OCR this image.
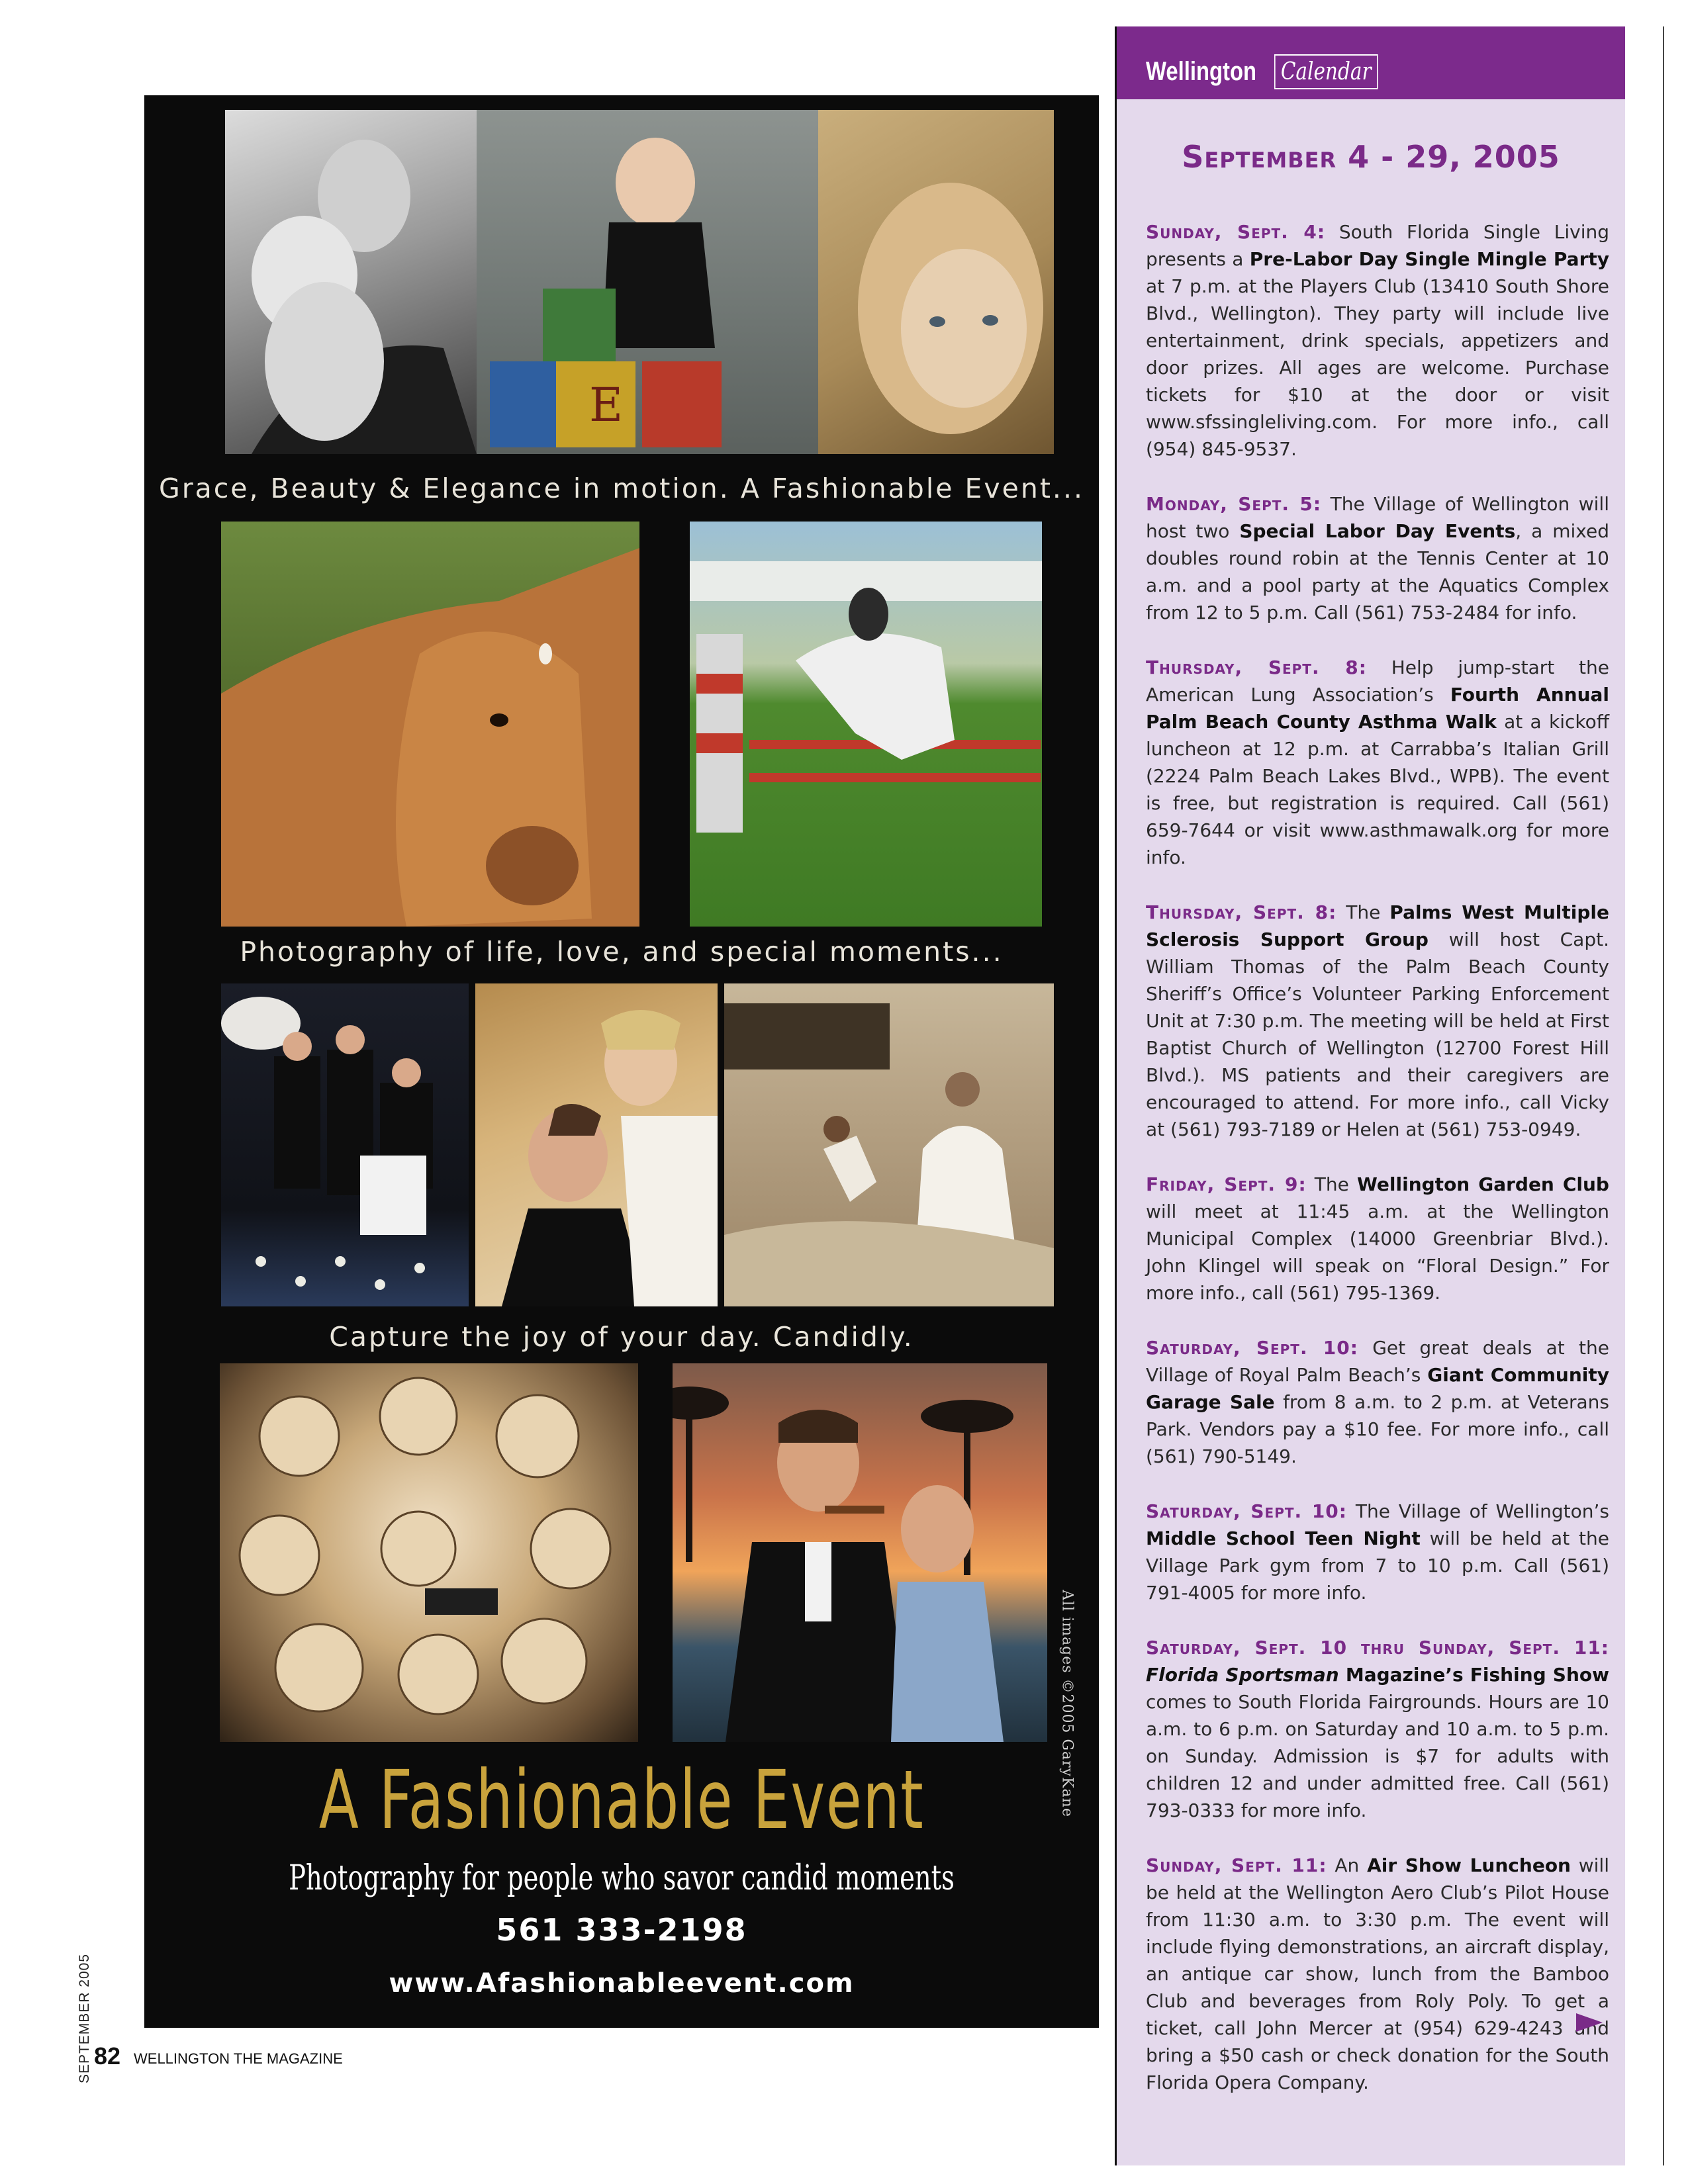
E
Grace, Beauty & Elegance in motion. A Fashionable Event...
Photography of life, love, and special moments...
Capture the joy of your day. Candidly.
All images ©2005 GaryKane
A Fashionable Event
Photography for people who savor candid moments
561 333-2198
www.Afashionableevent.com
SEPTEMBER 2005 82 WELLINGTON THE MAGAZINE
Wellington Calendar
September 4 - 29, 2005

Sunday, Sept. 4: South Florida Single Living presents a Pre-Labor Day Single Mingle Party at 7 p.m. at the Players Club (13410 South Shore Blvd., Wellington). They party will include live entertainment, drink specials, appetizers and door prizes. All ages are welcome. Purchase tickets for $10 at the door or visit www.sfssingleliving.com. For more info., call (954) 845-9537.

Monday, Sept. 5: The Village of Wellington will host two Special Labor Day Events, a mixed doubles round robin at the Tennis Center at 10 a.m. and a pool party at the Aquatics Complex from 12 to 5 p.m. Call (561) 753-2484 for info.

Thursday, Sept. 8: Help jump-start the American Lung Association’s Fourth Annual Palm Beach County Asthma Walk at a kickoff luncheon at 12 p.m. at Carrabba’s Italian Grill (2224 Palm Beach Lakes Blvd., WPB). The event is free, but registration is required. Call (561) 659-7644 or visit www.asthmawalk.org for more info.

Thursday, Sept. 8: The Palms West Multiple Sclerosis Support Group will host Capt. William Thomas of the Palm Beach County Sheriff’s Office’s Volunteer Parking Enforcement Unit at 7:30 p.m. The meeting will be held at First Baptist Church of Wellington (12700 Forest Hill Blvd.). MS patients and their caregivers are encouraged to attend. For more info., call Vicky at (561) 793-7189 or Helen at (561) 753-0949.

Friday, Sept. 9: The Wellington Garden Club will meet at 11:45 a.m. at the Wellington Municipal Complex (14000 Greenbriar Blvd.). John Klingel will speak on “Floral Design.” For more info., call (561) 795-1369.

Saturday, Sept. 10: Get great deals at the Village of Royal Palm Beach’s Giant Community Garage Sale from 8 a.m. to 2 p.m. at Veterans Park. Vendors pay a $10 fee. For more info., call (561) 790-5149.

Saturday, Sept. 10: The Village of Wellington’s Middle School Teen Night will be held at the Village Park gym from 7 to 10 p.m. Call (561) 791-4005 for more info.

Saturday, Sept. 10 thru Sunday, Sept. 11: Florida Sportsman Magazine’s Fishing Show comes to South Florida Fairgrounds. Hours are 10 a.m. to 6 p.m. on Saturday and 10 a.m. to 5 p.m. on Sunday. Admission is $7 for adults with children 12 and under admitted free. Call (561) 793-0333 for more info.

Sunday, Sept. 11: An Air Show Luncheon will be held at the Wellington Aero Club’s Pilot House from 11:30 a.m. to 3:30 p.m. The event will include flying demonstrations, an aircraft display, an antique car show, lunch from the Bamboo Club and beverages from Roly Poly. To get a ticket, call John Mercer at (954) 629-4243 and bring a $50 cash or check donation for the South Florida Opera Company.
